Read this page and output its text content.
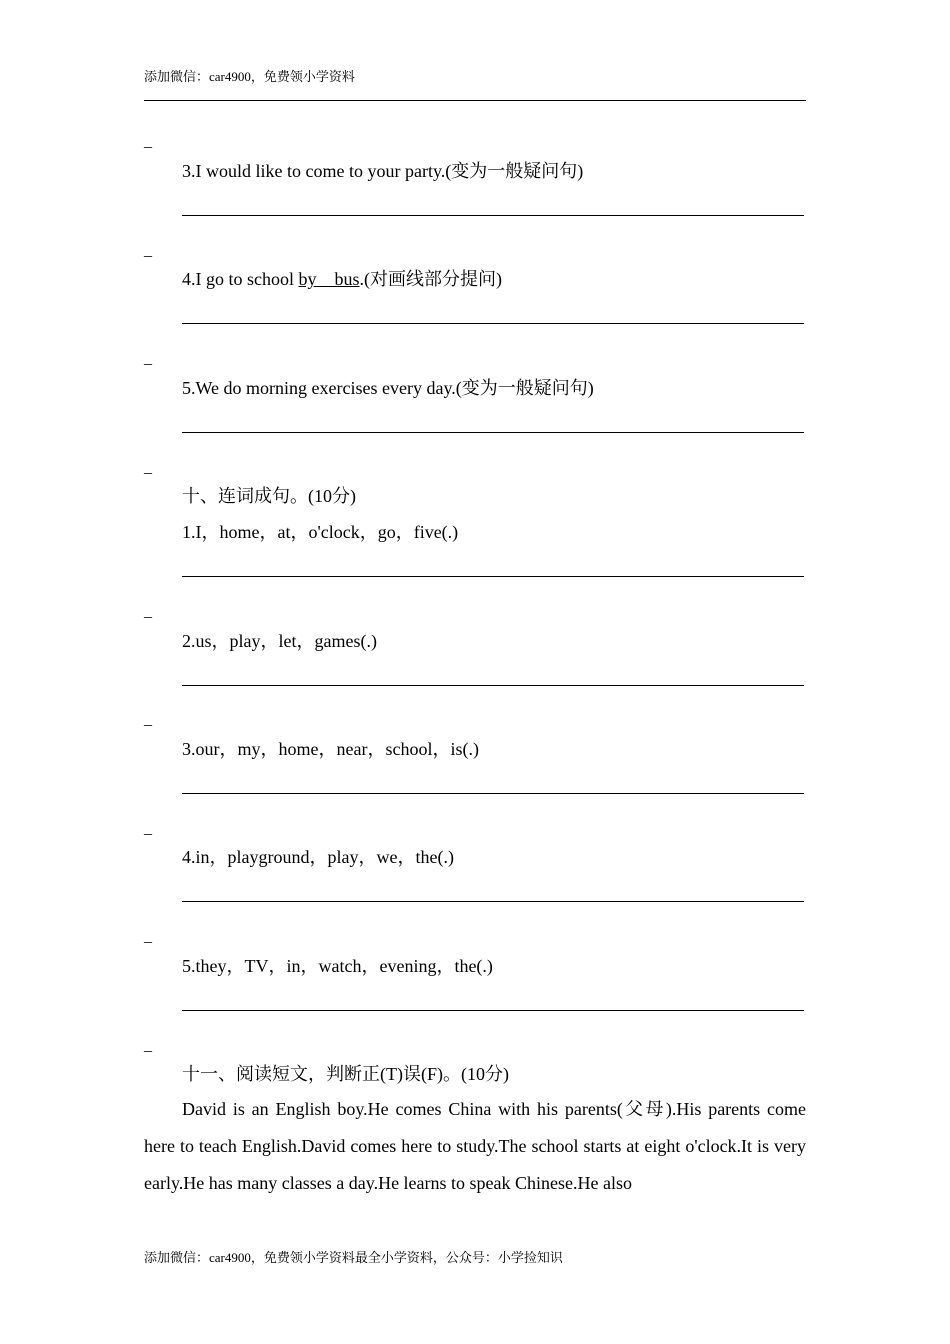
添加微信：car4900，免费领小学资料
_
3.I would like to come to your party.(变为一般疑问句)
_
4.I go to school by    bus.(对画线部分提问)
_
5.We do morning exercises every day.(变为一般疑问句)
_
十、连词成句。(10分)
1.I，home，at，o'clock，go，five(.)
_
2.us，play，let，games(.)
_
3.our，my，home，near，school，is(.)
_
4.in，playground，play，we，the(.)
_
5.they，TV，in，watch，evening，the(.)
_
十一、阅读短文，判断正(T)误(F)。(10分)
David is an English boy.He comes China with his parents(父母).His parents come here to teach English.David comes here to study.The school starts at eight o'clock.It is very early.He has many classes a day.He learns to speak Chinese.He also
添加微信：car4900，免费领小学资料最全小学资料，公众号：小学捡知识
